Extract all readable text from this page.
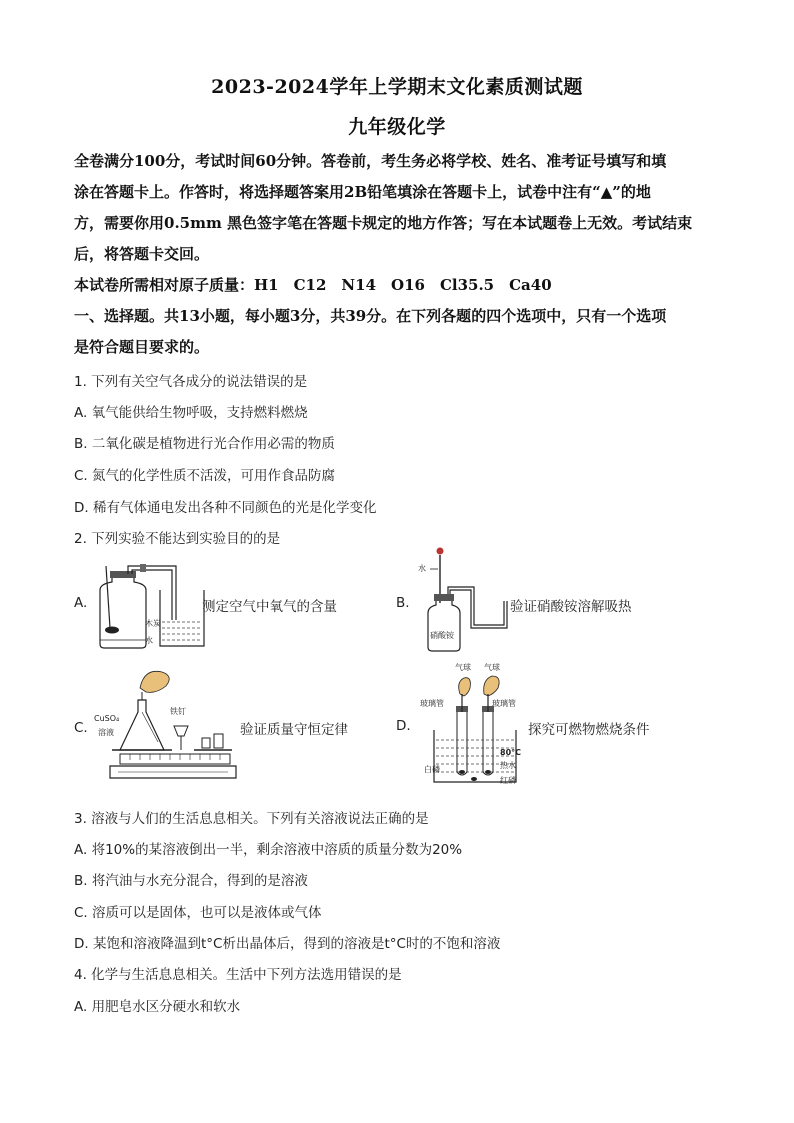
2023-2024学年上学期末文化素质测试题
九年级化学
全卷满分100分，考试时间60分钟。答卷前，考生务必将学校、姓名、准考证号填写和填
涂在答题卡上。作答时，将选择题答案用2B铅笔填涂在答题卡上，试卷中注有“▲”的地
方，需要你用0.5mm 黑色签字笔在答题卡规定的地方作答；写在本试题卷上无效。考试结束
后，将答题卡交回。
本试卷所需相对原子质量：H1　C12　N14　O16　Cl35.5　Ca40
一、选择题。共13小题，每小题3分，共39分。在下列各题的四个选项中，只有一个选项
是符合题目要求的。
1. 下列有关空气各成分的说法错误的是
A. 氧气能供给生物呼吸，支持燃料燃烧
B. 二氧化碳是植物进行光合作用必需的物质
C. 氮气的化学性质不活泼，可用作食品防腐
D. 稀有气体通电发出各种不同颜色的光是化学变化
2. 下列实验不能达到实验目的的是
A.
木炭
水
测定空气中氧气的含量	B.
水
硝酸铵
验证硝酸铵溶解吸热
C.
CuSO₄
溶液
铁钉
验证质量守恒定律	D.
气球 气球
玻璃管	玻璃管
80°C
热水
白磷
红磷
探究可燃物燃烧条件
3. 溶液与人们的生活息息相关。下列有关溶液说法正确的是
A. 将10%的某溶液倒出一半，剩余溶液中溶质的质量分数为20%
B. 将汽油与水充分混合，得到的是溶液
C. 溶质可以是固体，也可以是液体或气体
D. 某饱和溶液降温到t°C析出晶体后，得到的溶液是t°C时的不饱和溶液
4. 化学与生活息息相关。生活中下列方法选用错误的是
A. 用肥皂水区分硬水和软水
